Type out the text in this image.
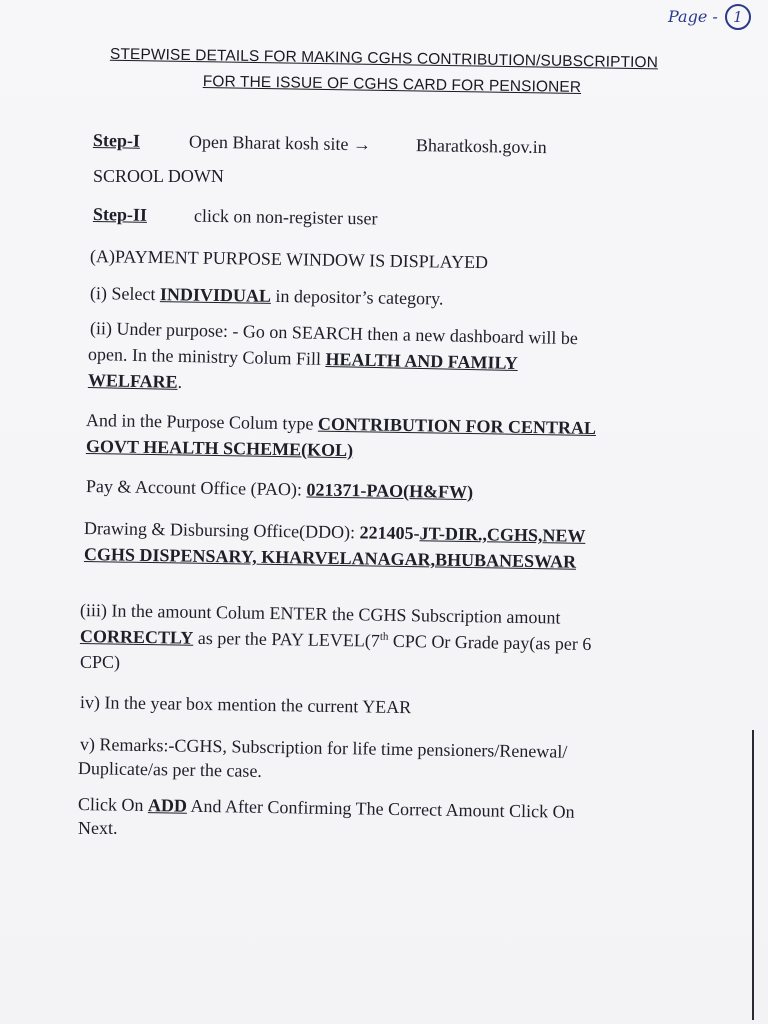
Page - 1
STEPWISE DETAILS FOR MAKING CGHS CONTRIBUTION/SUBSCRIPTION
FOR THE ISSUE OF CGHS CARD FOR PENSIONER
Step-I	Open Bharat kosh site → Bharatkosh.gov.in
SCROOL DOWN
Step-II	click on non-register user
(A)PAYMENT PURPOSE WINDOW IS DISPLAYED
(i) Select INDIVIDUAL in depositor’s category.
(ii) Under purpose: - Go on SEARCH then a new dashboard will be
open. In the ministry Colum Fill HEALTH AND FAMILY
WELFARE.
And in the Purpose Colum type CONTRIBUTION FOR CENTRAL
GOVT HEALTH SCHEME(KOL)
Pay & Account Office (PAO): 021371-PAO(H&FW)
Drawing & Disbursing Office(DDO): 221405-JT-DIR.,CGHS,NEW
CGHS DISPENSARY, KHARVELANAGAR,BHUBANESWAR
(iii) In the amount Colum ENTER the CGHS Subscription amount
CORRECTLY as per the PAY LEVEL(7th CPC Or Grade pay(as per 6
CPC)
iv) In the year box mention the current YEAR
v) Remarks:-CGHS, Subscription for life time pensioners/Renewal/
Duplicate/as per the case.
Click On ADD And After Confirming The Correct Amount Click On
Next.
